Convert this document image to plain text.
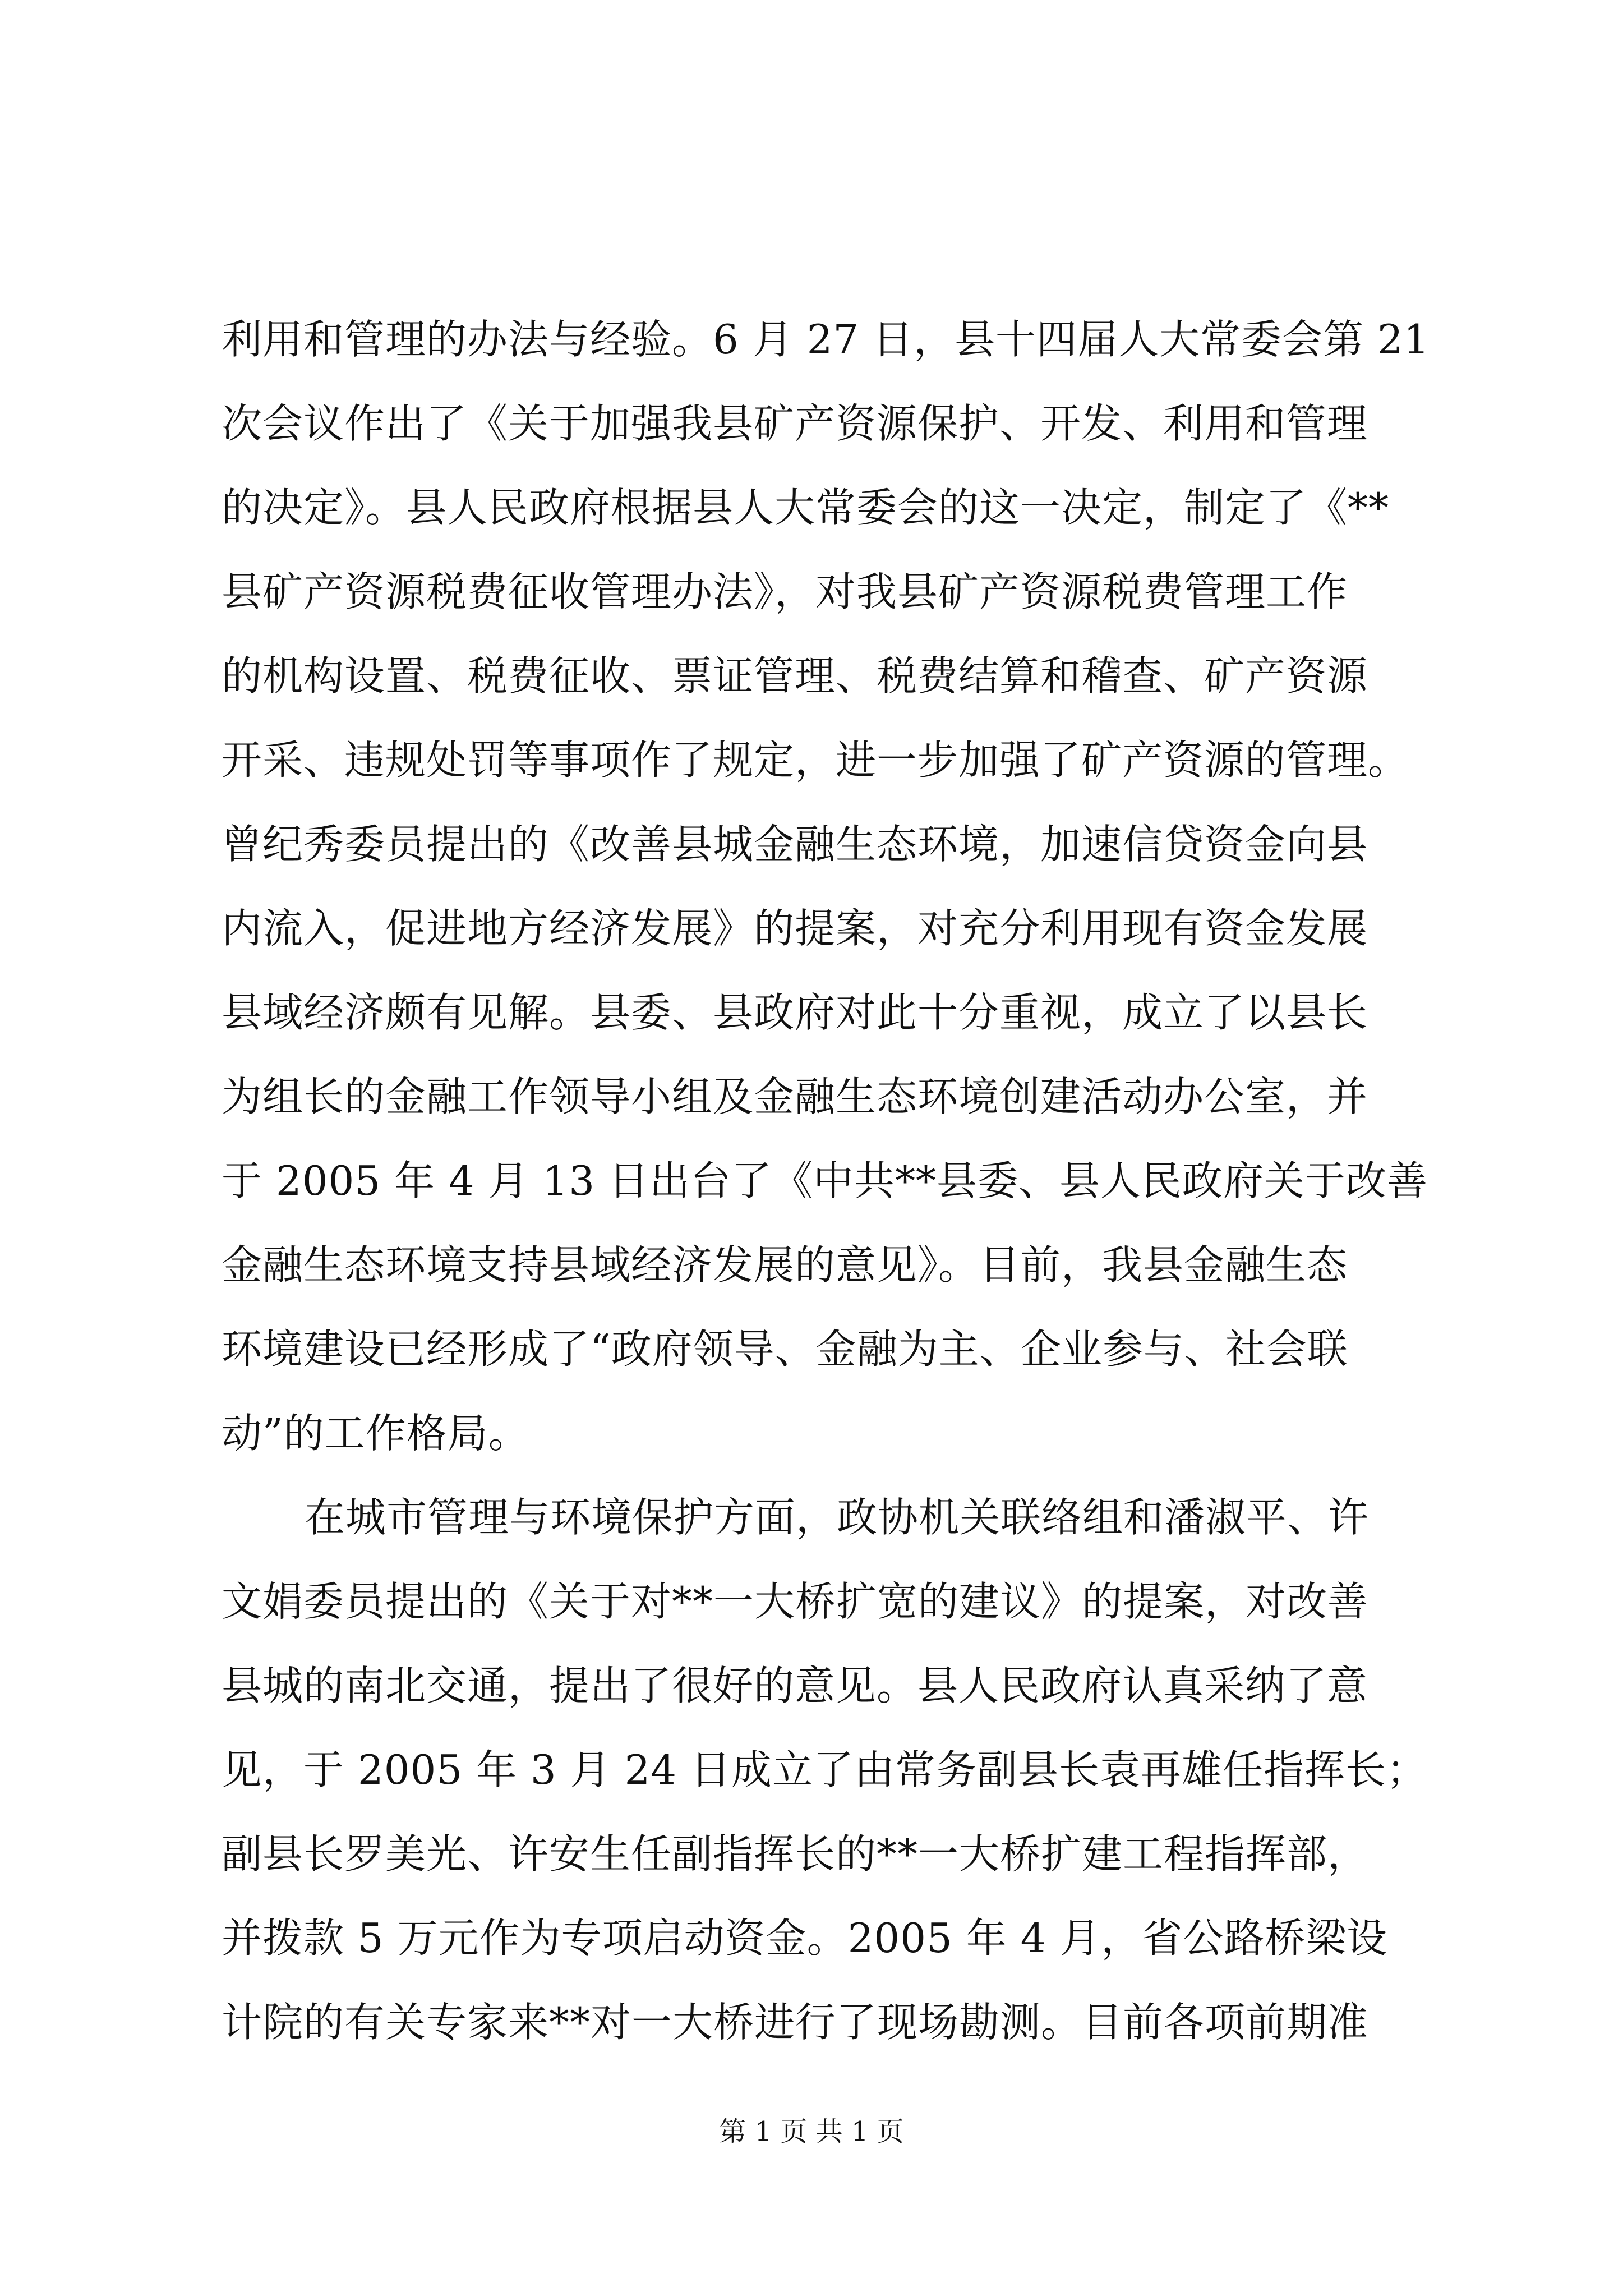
利用和管理的办法与经验。6 月 27 日，县十四届人大常委会第 21
次会议作出了《关于加强我县矿产资源保护、开发、利用和管理
的决定》。县人民政府根据县人大常委会的这一决定，制定了《**
县矿产资源税费征收管理办法》，对我县矿产资源税费管理工作
的机构设置、税费征收、票证管理、税费结算和稽查、矿产资源
开采、违规处罚等事项作了规定，进一步加强了矿产资源的管理。
曾纪秀委员提出的《改善县城金融生态环境，加速信贷资金向县
内流入，促进地方经济发展》的提案，对充分利用现有资金发展
县域经济颇有见解。县委、县政府对此十分重视，成立了以县长
为组长的金融工作领导小组及金融生态环境创建活动办公室，并
于 2005 年 4 月 13 日出台了《中共**县委、县人民政府关于改善
金融生态环境支持县域经济发展的意见》。目前，我县金融生态
环境建设已经形成了“政府领导、金融为主、企业参与、社会联
动”的工作格局。
在城市管理与环境保护方面，政协机关联络组和潘淑平、许
文娟委员提出的《关于对**一大桥扩宽的建议》的提案，对改善
县城的南北交通，提出了很好的意见。县人民政府认真采纳了意
见，于 2005 年 3 月 24 日成立了由常务副县长袁再雄任指挥长；
副县长罗美光、许安生任副指挥长的**一大桥扩建工程指挥部，
并拨款 5 万元作为专项启动资金。2005 年 4 月，省公路桥梁设
计院的有关专家来**对一大桥进行了现场勘测。目前各项前期准
第 1 页 共 1 页
